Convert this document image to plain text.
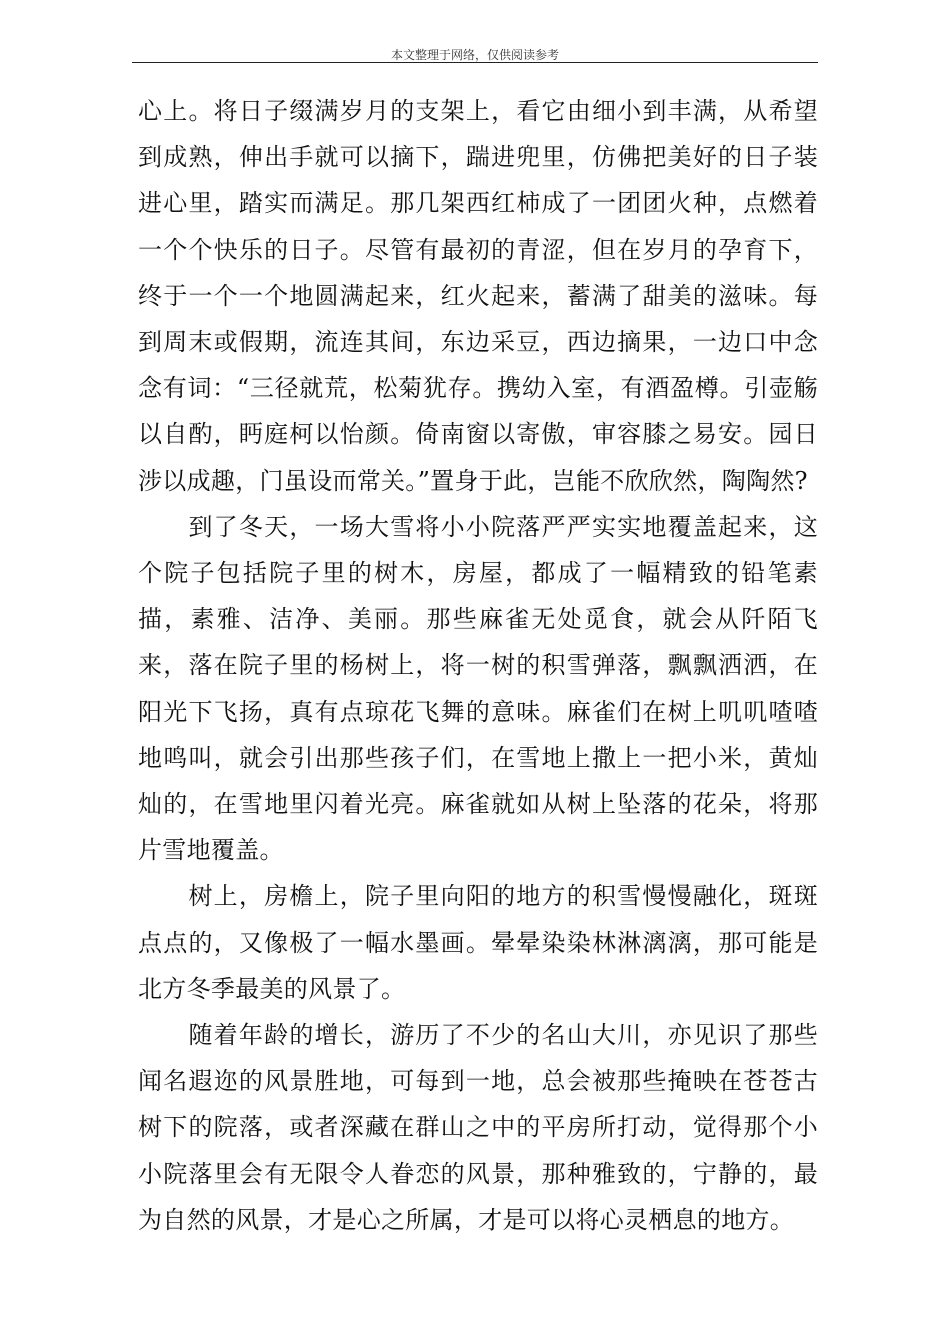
本文整理于网络，仅供阅读参考

心上。将日子缀满岁月的支架上，看它由细小到丰满，从希望到成熟，伸出手就可以摘下，踹进兜里，仿佛把美好的日子装进心里，踏实而满足。那几架西红柿成了一团团火种，点燃着一个个快乐的日子。尽管有最初的青涩，但在岁月的孕育下，终于一个一个地圆满起来，红火起来，蓄满了甜美的滋味。每到周末或假期，流连其间，东边采豆，西边摘果，一边口中念念有词：“三径就荒，松菊犹存。携幼入室，有酒盈樽。引壶觞以自酌，眄庭柯以怡颜。倚南窗以寄傲，审容膝之易安。园日涉以成趣，门虽设而常关。”置身于此，岂能不欣欣然，陶陶然?

　　到了冬天，一场大雪将小小院落严严实实地覆盖起来，这个院子包括院子里的树木，房屋，都成了一幅精致的铅笔素描，素雅、洁净、美丽。那些麻雀无处觅食，就会从阡陌飞来，落在院子里的杨树上，将一树的积雪弹落，飘飘洒洒，在阳光下飞扬，真有点琼花飞舞的意味。麻雀们在树上叽叽喳喳地鸣叫，就会引出那些孩子们，在雪地上撒上一把小米，黄灿灿的，在雪地里闪着光亮。麻雀就如从树上坠落的花朵，将那片雪地覆盖。

　　树上，房檐上，院子里向阳的地方的积雪慢慢融化，斑斑点点的，又像极了一幅水墨画。晕晕染染林淋漓漓，那可能是北方冬季最美的风景了。

　　随着年龄的增长，游历了不少的名山大川，亦见识了那些闻名遐迩的风景胜地，可每到一地，总会被那些掩映在苍苍古树下的院落，或者深藏在群山之中的平房所打动，觉得那个小小院落里会有无限令人眷恋的风景，那种雅致的，宁静的，最为自然的风景，才是心之所属，才是可以将心灵栖息的地方。
